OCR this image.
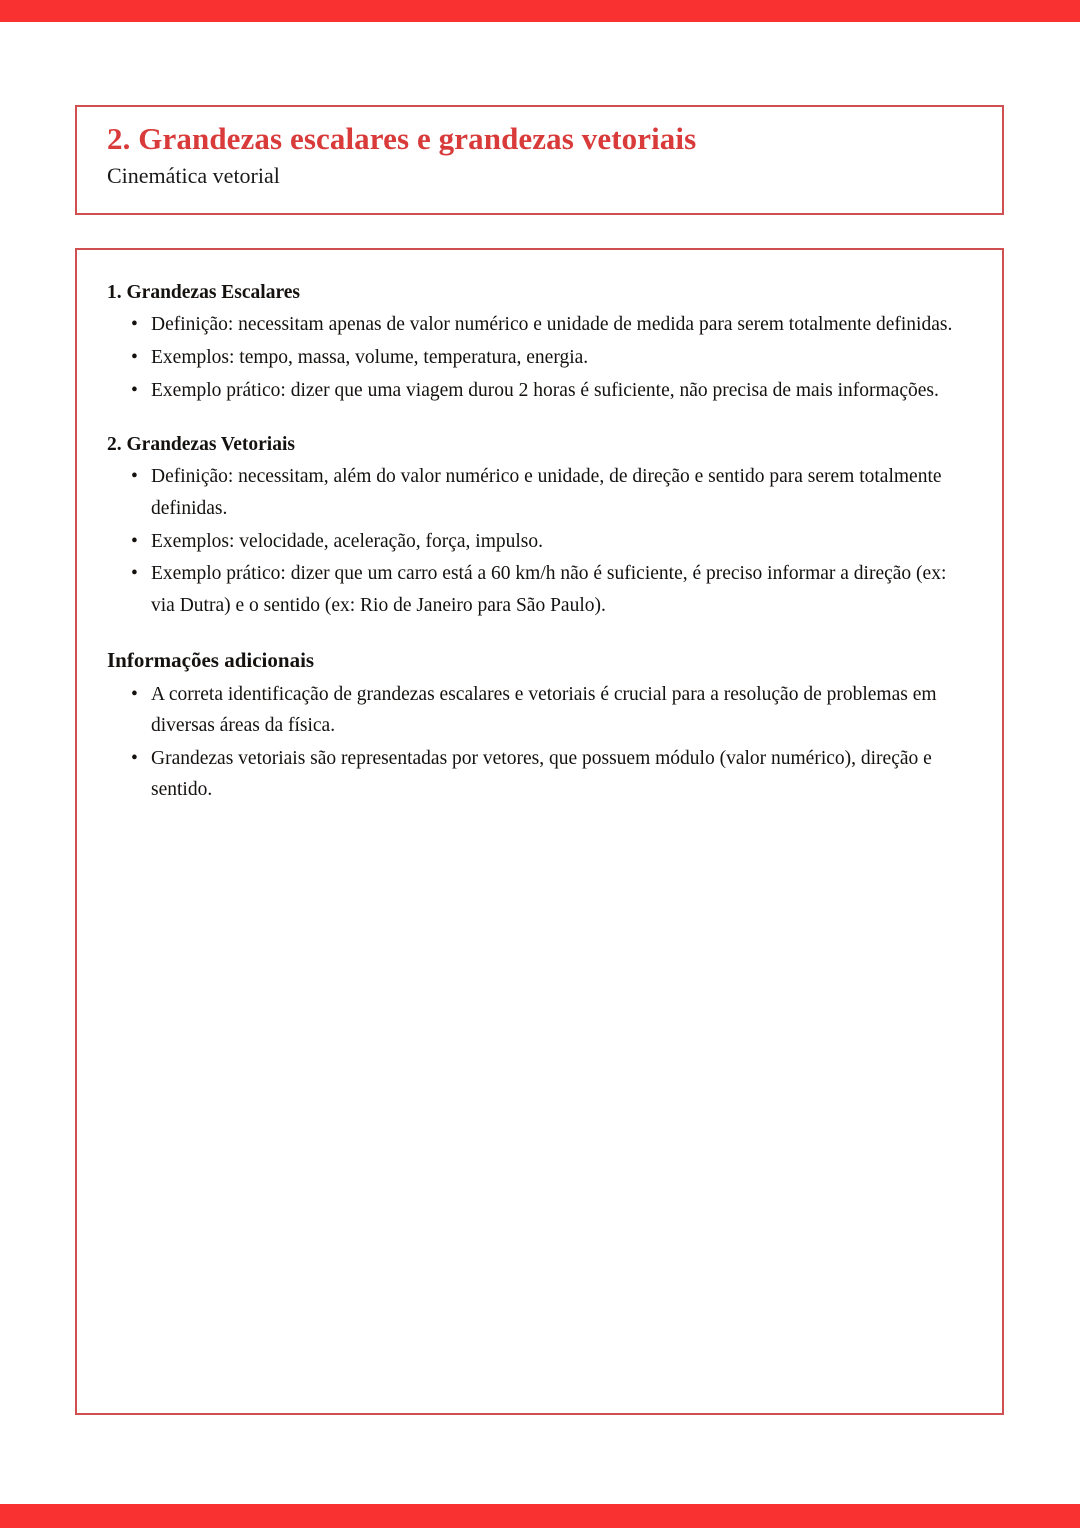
2. Grandezas escalares e grandezas vetoriais
Cinemática vetorial
1. Grandezas Escalares
• Definição: necessitam apenas de valor numérico e unidade de medida para serem totalmente definidas.
• Exemplos: tempo, massa, volume, temperatura, energia.
• Exemplo prático: dizer que uma viagem durou 2 horas é suficiente, não precisa de mais informações.
2. Grandezas Vetoriais
• Definição: necessitam, além do valor numérico e unidade, de direção e sentido para serem totalmente definidas.
• Exemplos: velocidade, aceleração, força, impulso.
• Exemplo prático: dizer que um carro está a 60 km/h não é suficiente, é preciso informar a direção (ex: via Dutra) e o sentido (ex: Rio de Janeiro para São Paulo).
Informações adicionais
• A correta identificação de grandezas escalares e vetoriais é crucial para a resolução de problemas em diversas áreas da física.
• Grandezas vetoriais são representadas por vetores, que possuem módulo (valor numérico), direção e sentido.
